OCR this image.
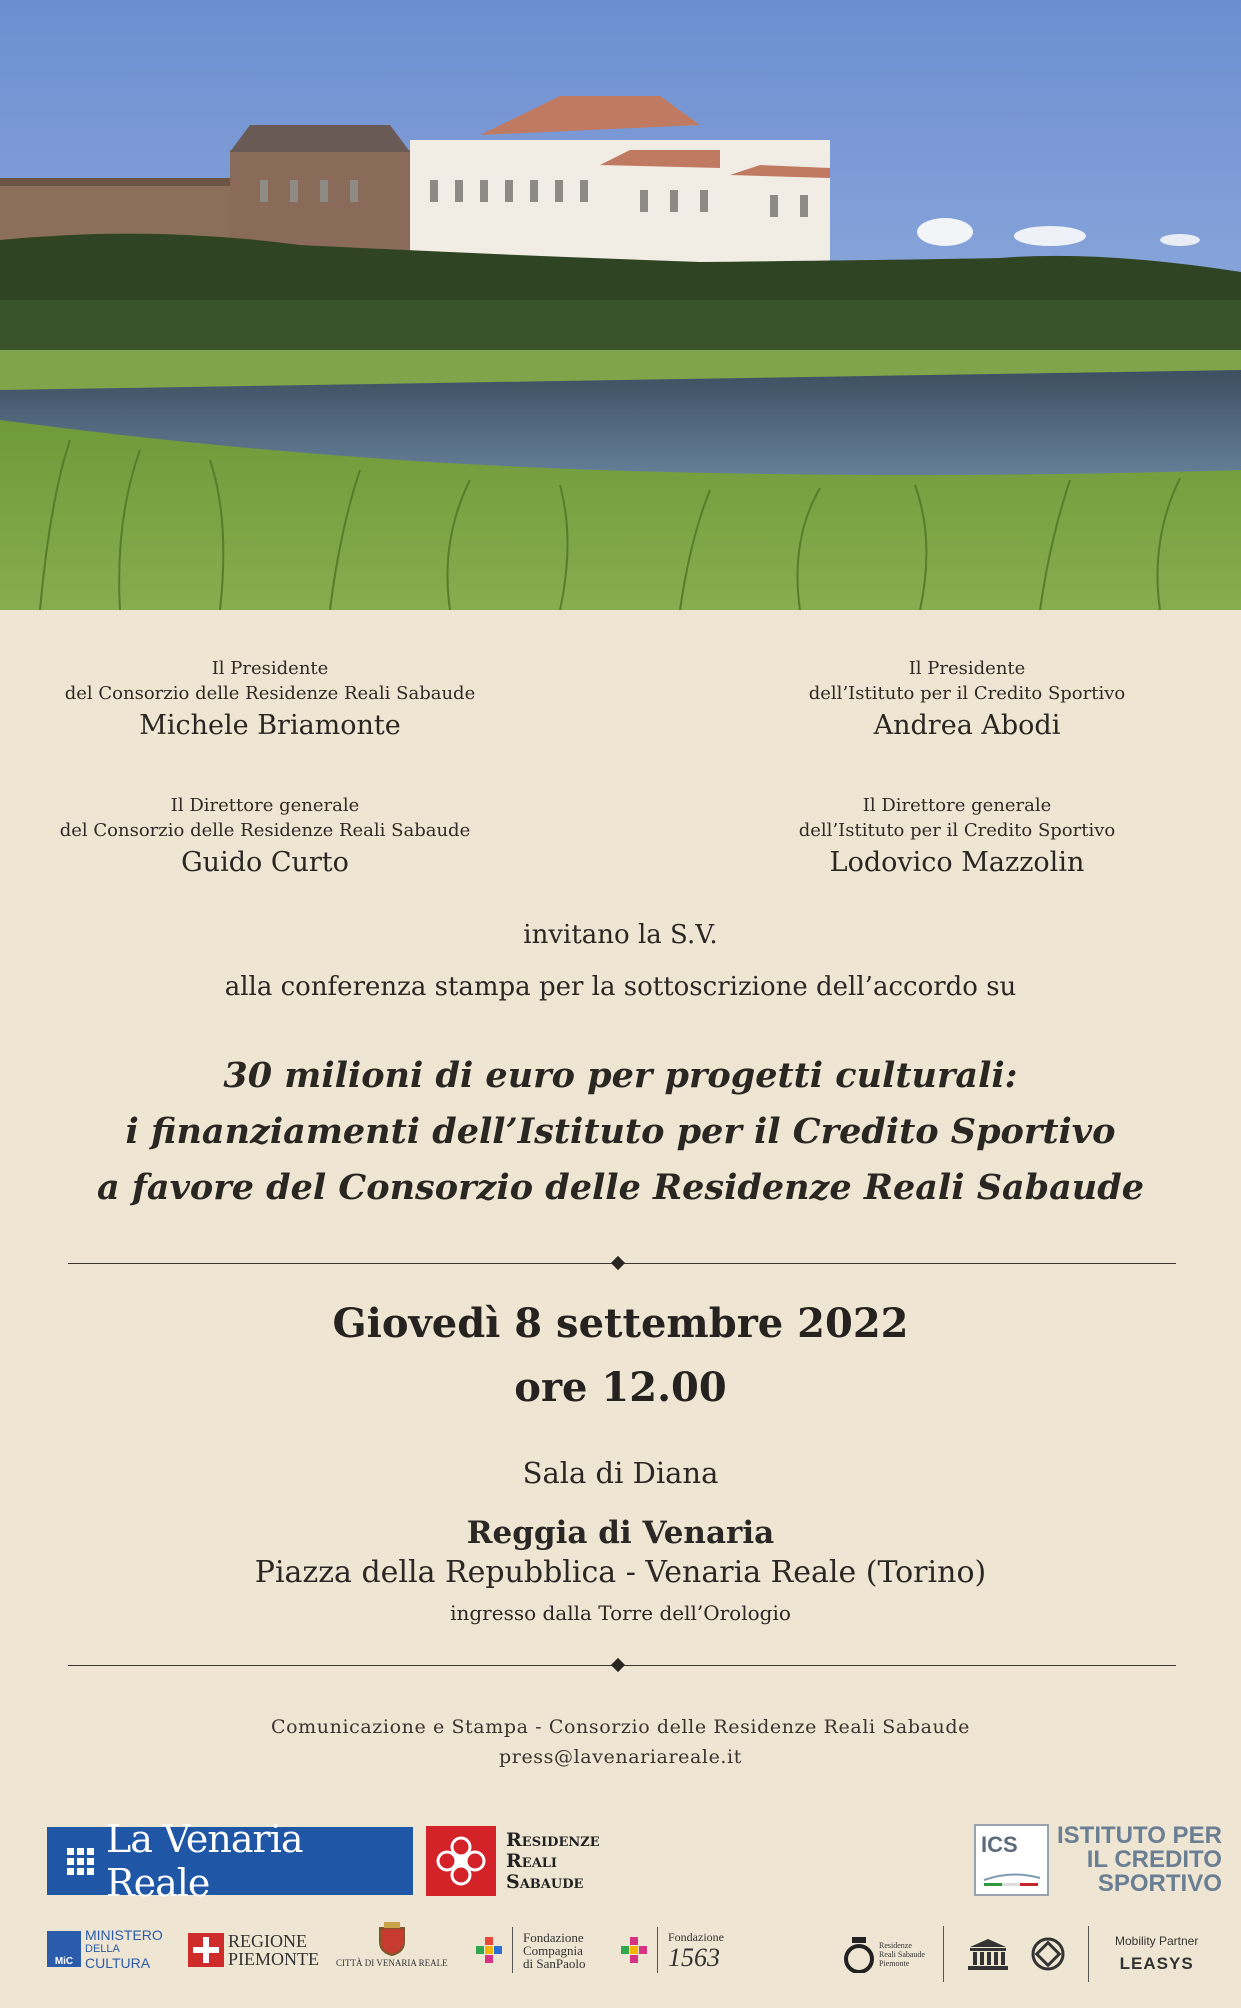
Il Presidente
del Consorzio delle Residenze Reali Sabaude
Michele Briamonte
Il Presidente
dell’Istituto per il Credito Sportivo
Andrea Abodi
Il Direttore generale
del Consorzio delle Residenze Reali Sabaude
Guido Curto
Il Direttore generale
dell’Istituto per il Credito Sportivo
Lodovico Mazzolin
invitano la S.V.
alla conferenza stampa per la sottoscrizione dell’accordo su
30 milioni di euro per progetti culturali:
i finanziamenti dell’Istituto per il Credito Sportivo
a favore del Consorzio delle Residenze Reali Sabaude
Giovedì 8 settembre 2022
ore 12.00
Sala di Diana
Reggia di Venaria
Piazza della Repubblica - Venaria Reale (Torino)
ingresso dalla Torre dell’Orologio
Comunicazione e Stampa - Consorzio delle Residenze Reali Sabaude
press@lavenariareale.it
La Venaria Reale
Residenze
Reali
Sabaude
ICS ISTITUTO PER
IL CREDITO
SPORTIVO
MiC
MINISTERO
DELLA
CULTURA
REGIONE
PIEMONTE CITTÀ DI VENARIA REALE
Fondazione
Compagnia
di SanPaolo
Fondazione
1563	Residenze
Reali Sabaude
Piemonte
Mobility Partner
LEASYS
